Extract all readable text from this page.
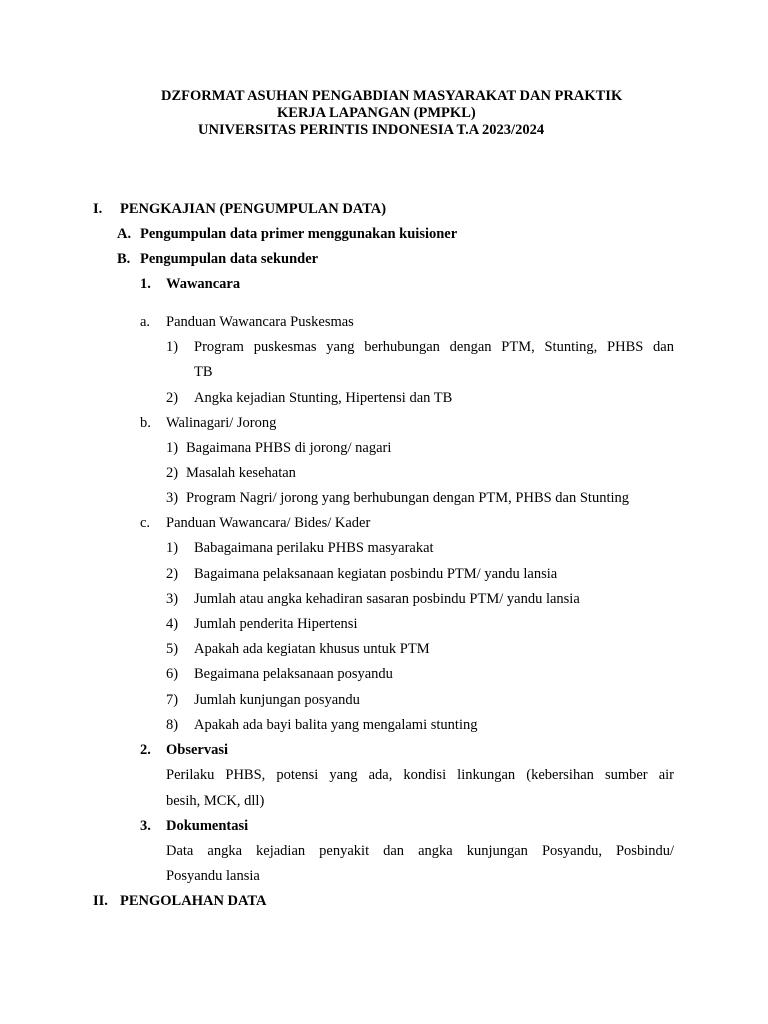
DZFORMAT ASUHAN PENGABDIAN MASYARAKAT DAN PRAKTIK
KERJA LAPANGAN (PMPKL)
UNIVERSITAS PERINTIS INDONESIA T.A 2023/2024
I. PENGKAJIAN (PENGUMPULAN DATA)
A. Pengumpulan data primer menggunakan kuisioner
B. Pengumpulan data sekunder
1. Wawancara
a. Panduan Wawancara Puskesmas
1) Program puskesmas yang berhubungan dengan PTM, Stunting, PHBS dan
TB
2) Angka kejadian Stunting, Hipertensi dan TB
b. Walinagari/ Jorong
1) Bagaimana PHBS di jorong/ nagari
2) Masalah kesehatan
3) Program Nagri/ jorong yang berhubungan dengan PTM, PHBS dan Stunting
c. Panduan Wawancara/ Bides/ Kader
1) Babagaimana perilaku PHBS masyarakat
2) Bagaimana pelaksanaan kegiatan posbindu PTM/ yandu lansia
3) Jumlah atau angka kehadiran sasaran posbindu PTM/ yandu lansia
4) Jumlah penderita Hipertensi
5) Apakah ada kegiatan khusus untuk PTM
6) Begaimana pelaksanaan posyandu
7) Jumlah kunjungan posyandu
8) Apakah ada bayi balita yang mengalami stunting
2. Observasi
Perilaku PHBS, potensi yang ada, kondisi linkungan (kebersihan sumber air
besih, MCK, dll)
3. Dokumentasi
Data angka kejadian penyakit dan angka kunjungan Posyandu, Posbindu/
Posyandu lansia
II. PENGOLAHAN DATA
